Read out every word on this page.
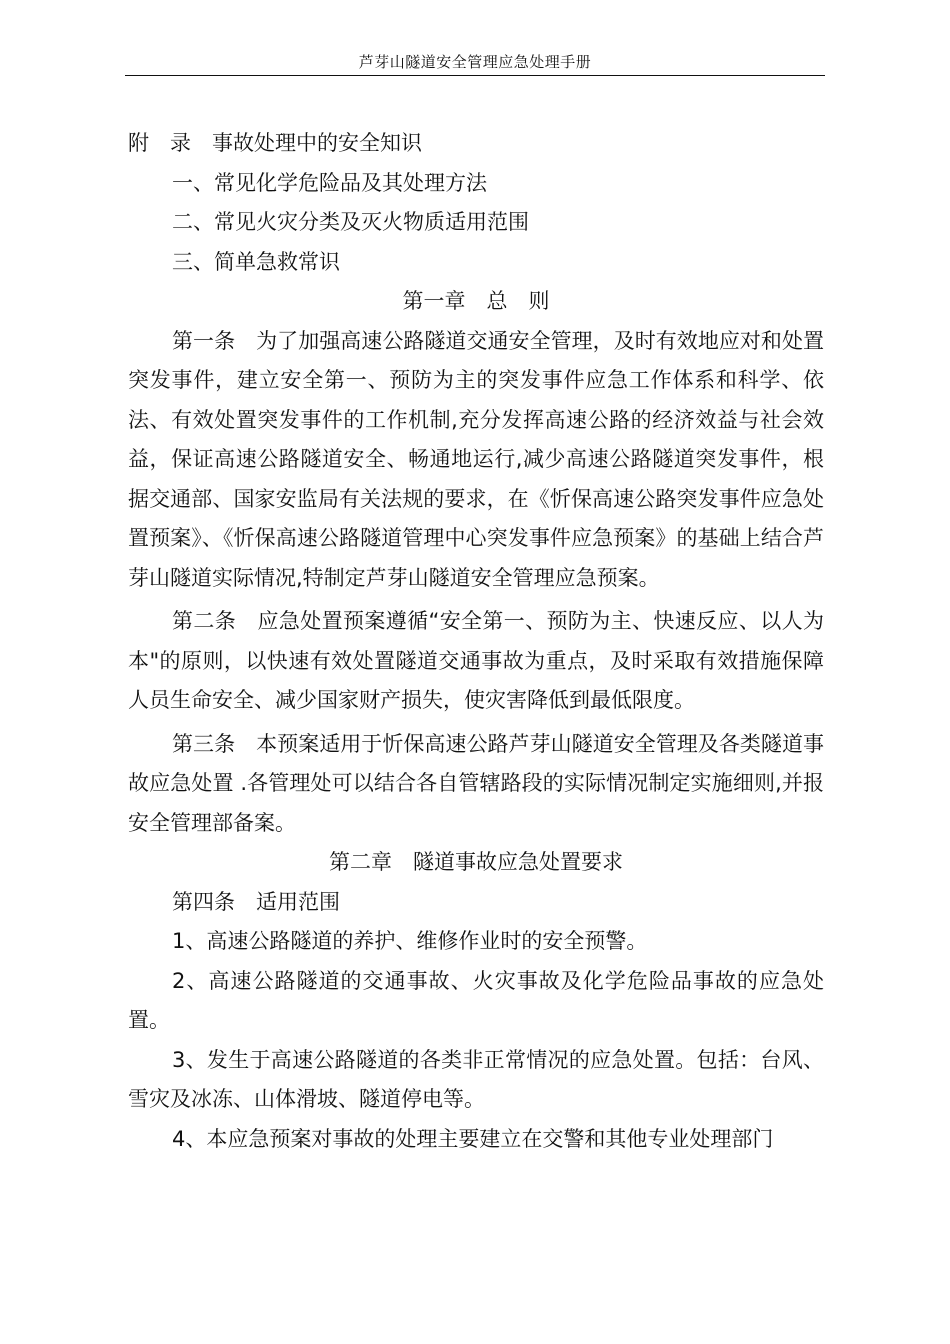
芦芽山隧道安全管理应急处理手册

附　录　事故处理中的安全知识

一、常见化学危险品及其处理方法

二、常见火灾分类及灭火物质适用范围

三、简单急救常识

第一章　总　则

第一条　为了加强高速公路隧道交通安全管理，及时有效地应对和处置突发事件，建立安全第一、预防为主的突发事件应急工作体系和科学、依法、有效处置突发事件的工作机制,充分发挥高速公路的经济效益与社会效益，保证高速公路隧道安全、畅通地运行,减少高速公路隧道突发事件，根据交通部、国家安监局有关法规的要求，在《忻保高速公路突发事件应急处置预案》、《忻保高速公路隧道管理中心突发事件应急预案》的基础上结合芦芽山隧道实际情况,特制定芦芽山隧道安全管理应急预案。

第二条　应急处置预案遵循“安全第一、预防为主、快速反应、以人为本"的原则，以快速有效处置隧道交通事故为重点，及时采取有效措施保障人员生命安全、减少国家财产损失，使灾害降低到最低限度。

第三条　本预案适用于忻保高速公路芦芽山隧道安全管理及各类隧道事故应急处置 .各管理处可以结合各自管辖路段的实际情况制定实施细则,并报安全管理部备案。

第二章　隧道事故应急处置要求

第四条　适用范围

1、高速公路隧道的养护、维修作业时的安全预警。

2、高速公路隧道的交通事故、火灾事故及化学危险品事故的应急处置。

3、发生于高速公路隧道的各类非正常情况的应急处置。包括：台风、雪灾及冰冻、山体滑坡、隧道停电等。

4、本应急预案对事故的处理主要建立在交警和其他专业处理部门
